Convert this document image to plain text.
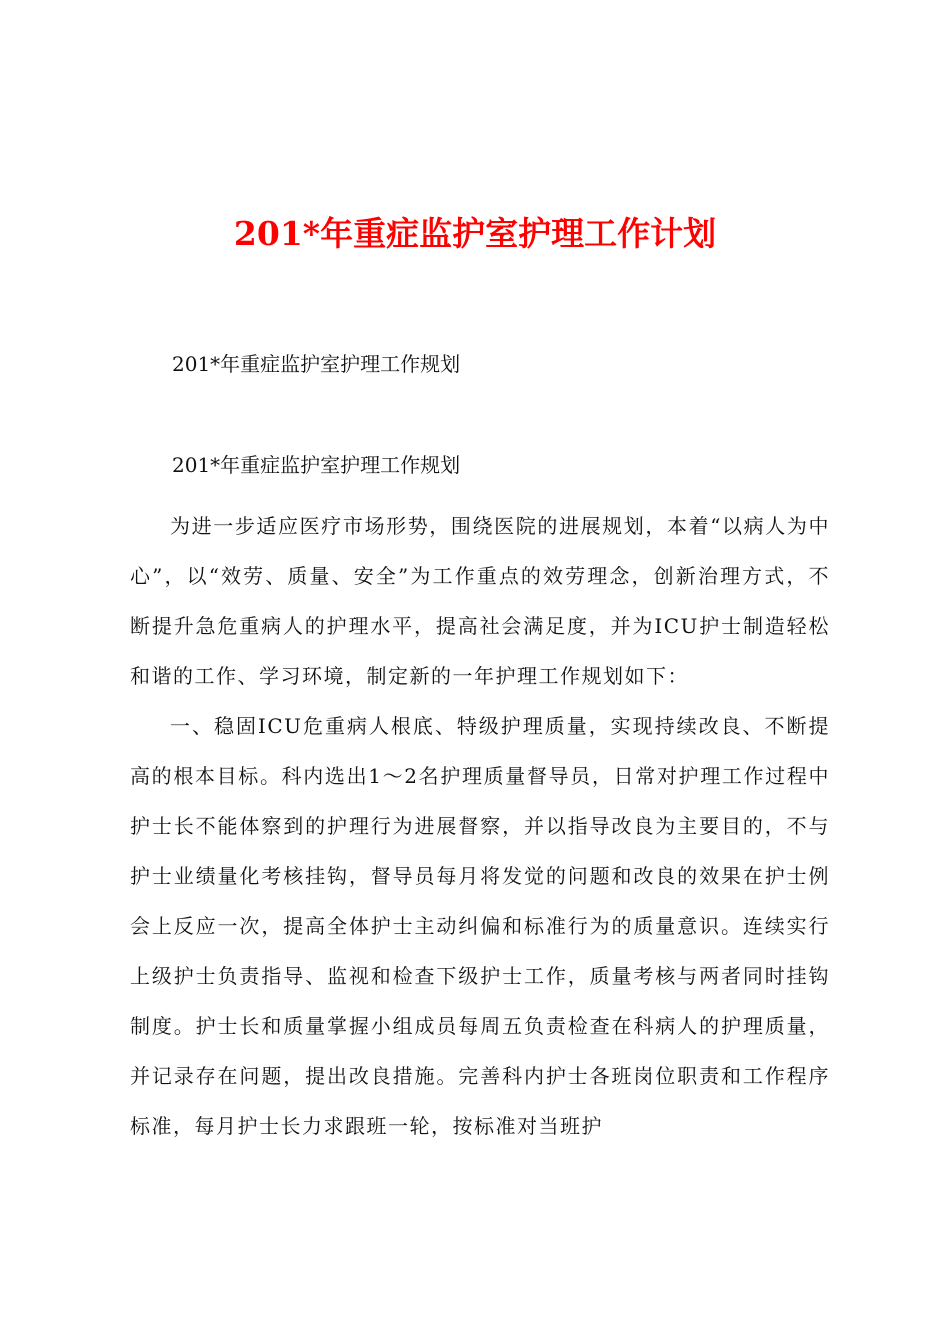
201*年重症监护室护理工作计划

201*年重症监护室护理工作规划

201*年重症监护室护理工作规划

为进一步适应医疗市场形势，围绕医院的进展规划，本着“以病人为中心”，以“效劳、质量、安全”为工作重点的效劳理念，创新治理方式，不断提升急危重病人的护理水平，提高社会满足度，并为ICU护士制造轻松和谐的工作、学习环境，制定新的一年护理工作规划如下：

一、稳固ICU危重病人根底、特级护理质量，实现持续改良、不断提高的根本目标。科内选出1～2名护理质量督导员，日常对护理工作过程中护士长不能体察到的护理行为进展督察，并以指导改良为主要目的，不与护士业绩量化考核挂钩，督导员每月将发觉的问题和改良的效果在护士例会上反应一次，提高全体护士主动纠偏和标准行为的质量意识。连续实行上级护士负责指导、监视和检查下级护士工作，质量考核与两者同时挂钩制度。护士长和质量掌握小组成员每周五负责检查在科病人的护理质量，并记录存在问题，提出改良措施。完善科内护士各班岗位职责和工作程序标准，每月护士长力求跟班一轮，按标准对当班护
